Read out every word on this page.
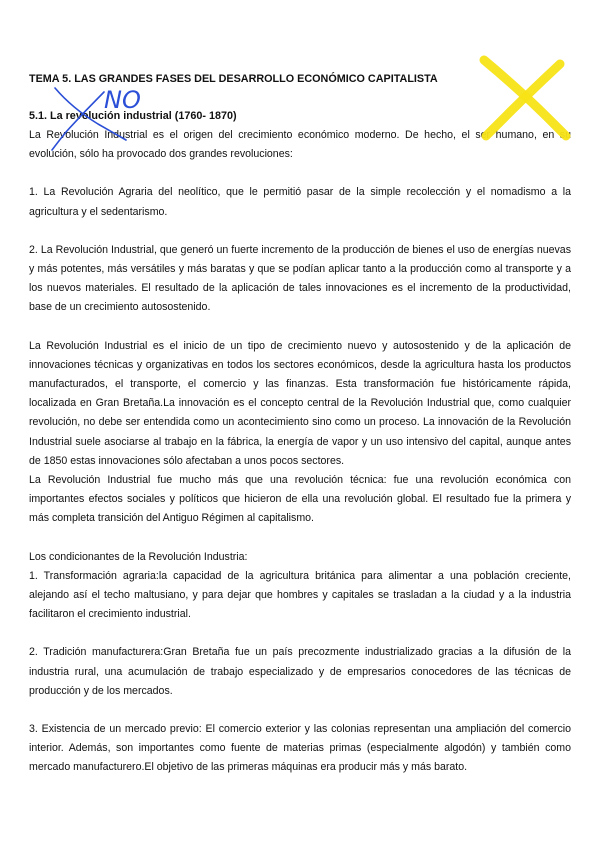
TEMA 5. LAS GRANDES FASES DEL DESARROLLO ECONÓMICO CAPITALISTA
5.1. La revolución industrial (1760- 1870)

La Revolución Industrial es el origen del crecimiento económico moderno. De hecho, el ser humano, en su evolución, sólo ha provocado dos grandes revoluciones:

1. La Revolución Agraria del neolítico, que le permitió pasar de la simple recolección y el nomadismo a la agricultura y el sedentarismo.

2. La Revolución Industrial, que generó un fuerte incremento de la producción de bienes el uso de energías nuevas y más potentes, más versátiles y más baratas y que se podían aplicar tanto a la producción como al transporte y a los nuevos materiales. El resultado de la aplicación de tales innovaciones es el incremento de la productividad, base de un crecimiento autosostenido.

La Revolución Industrial es el inicio de un tipo de crecimiento nuevo y autosostenido y de la aplicación de innovaciones técnicas y organizativas en todos los sectores económicos, desde la agricultura hasta los productos manufacturados, el transporte, el comercio y las finanzas. Esta transformación fue históricamente rápida, localizada en Gran Bretaña.La innovación es el concepto central de la Revolución Industrial que, como cualquier revolución, no debe ser entendida como un acontecimiento sino como un proceso. La innovación de la Revolución Industrial suele asociarse al trabajo en la fábrica, la energía de vapor y un uso intensivo del capital, aunque antes de 1850 estas innovaciones sólo afectaban a unos pocos sectores.

La Revolución Industrial fue mucho más que una revolución técnica: fue una revolución económica con importantes efectos sociales y políticos que hicieron de ella una revolución global. El resultado fue la primera y más completa transición del Antiguo Régimen al capitalismo.

Los condicionantes de la Revolución Industria:

1. Transformación agraria:la capacidad de la agricultura británica para alimentar a una población creciente, alejando así el techo maltusiano, y para dejar que hombres y capitales se trasladan a la ciudad y a la industria facilitaron el crecimiento industrial.

2. Tradición manufacturera:Gran Bretaña fue un país precozmente industrializado gracias a la difusión de la industria rural, una acumulación de trabajo especializado y de empresarios conocedores de las técnicas de producción y de los mercados.

3. Existencia de un mercado previo: El comercio exterior y las colonias representan una ampliación del comercio interior. Además, son importantes como fuente de materias primas (especialmente algodón) y también como mercado manufacturero.El objetivo de las primeras máquinas era producir más y más barato.

NO
